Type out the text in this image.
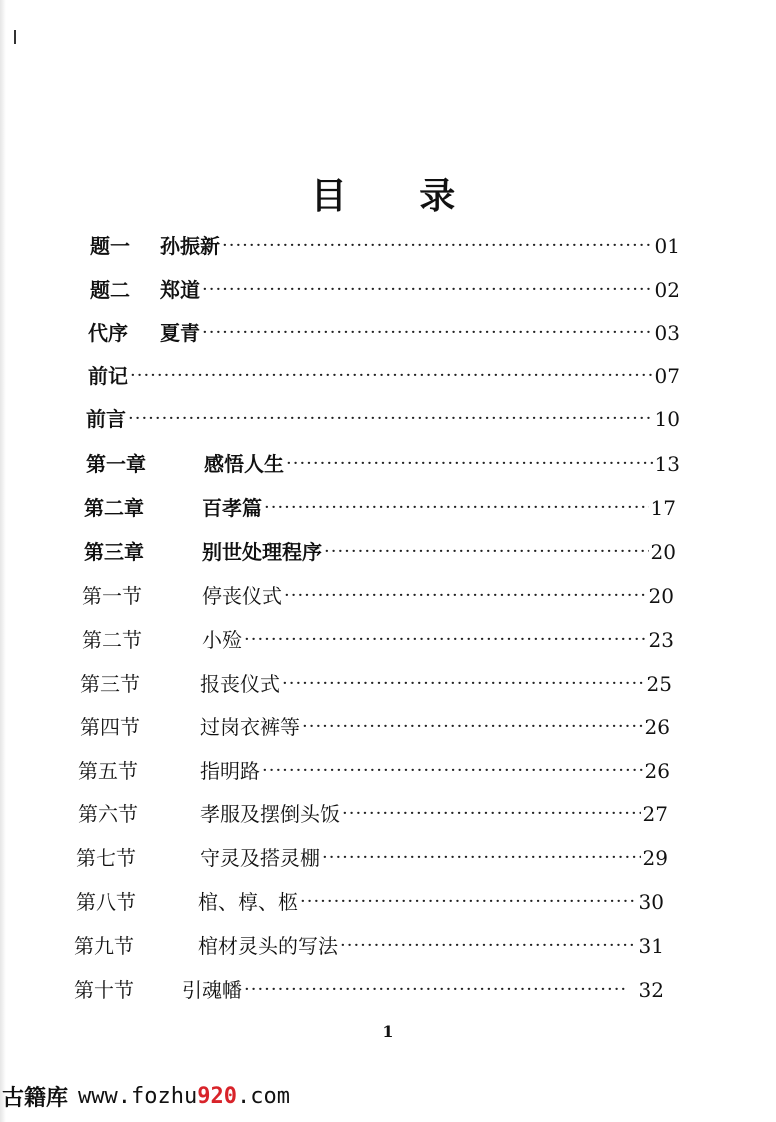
目 录
题一	孙振新 ·····	01
题二	郑道 ·····	02
代序	夏青 ·····	03
前记 ·····	07
前言 ·····	10
第一章	感悟人生 ·····	13
第二章	百孝篇 ·····	17
第三章	别世处理程序 ·····	20
第一节	停丧仪式 ·····	20
第二节	小殓 ·····	23
第三节	报丧仪式 ·····	25
第四节	过岗衣裤等 ·····	26
第五节	指明路 ·····	26
第六节	孝服及摆倒头饭 ·····	27
第七节	守灵及搭灵棚 ·····	29
第八节	棺、椁、柩 ·····	30
第九节	棺材灵头的写法 ·····	31
第十节	引魂幡 ·····	32
1
古籍库 www.fozhu920.com
